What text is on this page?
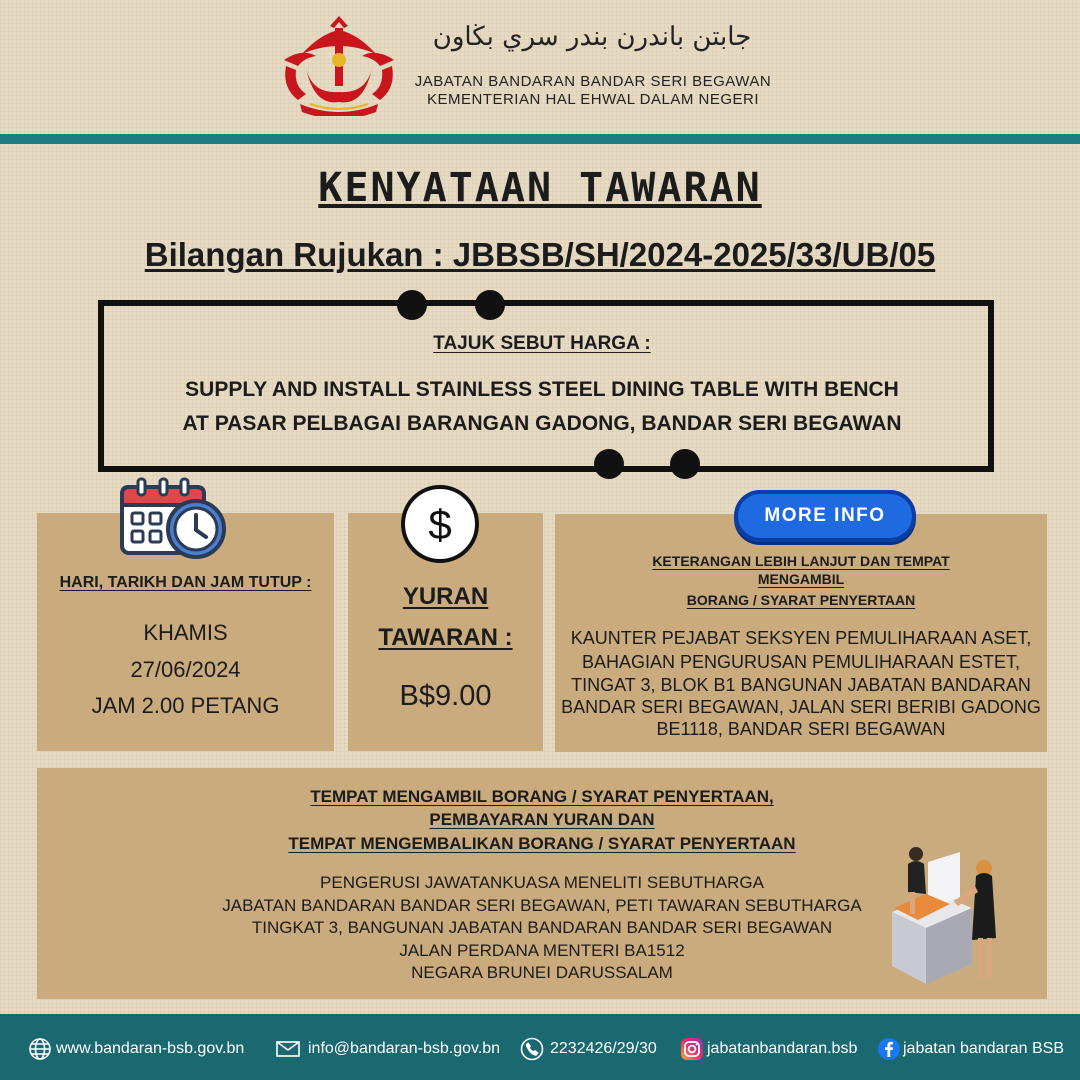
جابتن باندرن بندر سري بڬاون
JABATAN BANDARAN BANDAR SERI BEGAWAN
KEMENTERIAN HAL EHWAL DALAM NEGERI
KENYATAAN TAWARAN
Bilangan Rujukan : JBBSB/SH/2024-2025/33/UB/05
TAJUK SEBUT HARGA :
SUPPLY AND INSTALL STAINLESS STEEL DINING TABLE WITH BENCH
AT PASAR PELBAGAI BARANGAN GADONG, BANDAR SERI BEGAWAN
HARI, TARIKH DAN JAM TUTUP :
KHAMIS
27/06/2024
JAM 2.00 PETANG
$
YURAN
TAWARAN :
B$9.00
MORE INFO
KETERANGAN LEBIH LANJUT DAN TEMPAT
MENGAMBIL
BORANG / SYARAT PENYERTAAN
KAUNTER PEJABAT SEKSYEN PEMULIHARAAN ASET,
BAHAGIAN PENGURUSAN PEMULIHARAAN ESTET,
TINGAT 3, BLOK B1 BANGUNAN JABATAN BANDARAN
BANDAR SERI BEGAWAN, JALAN SERI BERIBI GADONG
BE1118, BANDAR SERI BEGAWAN
TEMPAT MENGAMBIL BORANG / SYARAT PENYERTAAN,
PEMBAYARAN YURAN DAN
TEMPAT MENGEMBALIKAN BORANG / SYARAT PENYERTAAN
PENGERUSI JAWATANKUASA MENELITI SEBUTHARGA
JABATAN BANDARAN BANDAR SERI BEGAWAN, PETI TAWARAN SEBUTHARGA
TINGKAT 3, BANGUNAN JABATAN BANDARAN BANDAR SERI BEGAWAN
JALAN PERDANA MENTERI BA1512
NEGARA BRUNEI DARUSSALAM
www.bandaran-bsb.gov.bn	info@bandaran-bsb.gov.bn	2232426/29/30	jabatanbandaran.bsb	jabatan bandaran BSB
